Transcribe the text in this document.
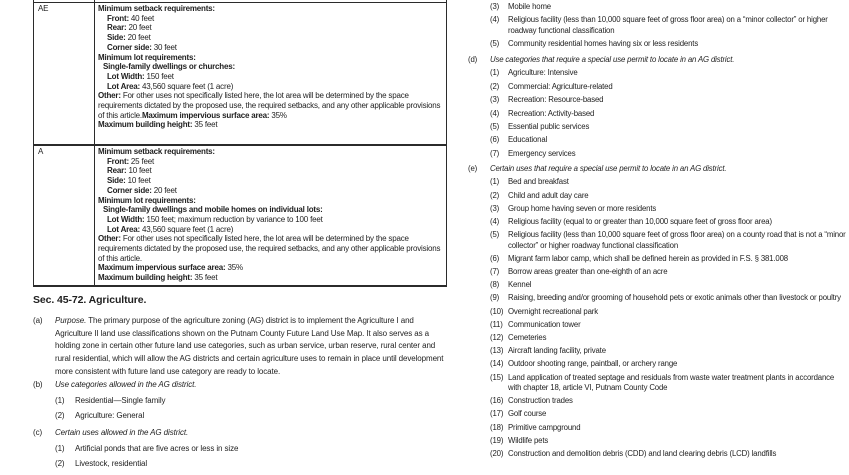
AE	Minimum setback requirements:
Front: 40 feet
Rear: 20 feet
Side: 20 feet
Corner side: 30 feet
Minimum lot requirements:
Single-family dwellings or churches:
Lot Width: 150 feet
Lot Area: 43,560 square feet (1 acre)
Other: For other uses not specifically listed here, the lot area will be determined by the space requirements dictated by the proposed use, the required setbacks, and any other applicable provisions of this article.Maximum impervious surface area: 35%
Maximum building height: 35 feet
A	Minimum setback requirements:
Front: 25 feet
Rear: 10 feet
Side: 10 feet
Corner side: 20 feet
Minimum lot requirements:
Single-family dwellings and mobile homes on individual lots:
Lot Width: 150 feet; maximum reduction by variance to 100 feet
Lot Area: 43,560 square feet (1 acre)
Other: For other uses not specifically listed here, the lot area will be determined by the space requirements dictated by the proposed use, the required setbacks, and any other applicable provisions of this article.
Maximum impervious surface area: 35%
Maximum building height: 35 feet
Sec. 45-72. Agriculture.
(a)	Purpose. The primary purpose of the agriculture zoning (AG) district is to implement the Agriculture I and Agriculture II land use classifications shown on the Putnam County Future Land Use Map. It also serves as a holding zone in certain other future land use categories, such as urban service, urban reserve, rural center and rural residential, which will allow the AG districts and certain agriculture uses to remain in place until development more consistent with future land use category are ready to locate.
(b)	Use categories allowed in the AG district.
(1)	Residential—Single family
(2)	Agriculture: General
(c)	Certain uses allowed in the AG district.
(1)	Artificial ponds that are five acres or less in size
(2)	Livestock, residential
(3)	Mobile home
(4)	Religious facility (less than 10,000 square feet of gross floor area) on a “minor collector” or higher roadway functional classification
(5)	Community residential homes having six or less residents
(d)	Use categories that require a special use permit to locate in an AG district.
(1)	Agriculture: Intensive
(2)	Commercial: Agriculture-related
(3)	Recreation: Resource-based
(4)	Recreation: Activity-based
(5)	Essential public services
(6)	Educational
(7)	Emergency services
(e)	Certain uses that require a special use permit to locate in an AG district.
(1)	Bed and breakfast
(2)	Child and adult day care
(3)	Group home having seven or more residents
(4)	Religious facility (equal to or greater than 10,000 square feet of gross floor area)
(5)	Religious facility (less than 10,000 square feet of gross floor area) on a county road that is not a “minor collector” or higher roadway functional classification
(6)	Migrant farm labor camp, which shall be defined herein as provided in F.S. § 381.008
(7)	Borrow areas greater than one-eighth of an acre
(8)	Kennel
(9)	Raising, breeding and/or grooming of household pets or exotic animals other than livestock or poultry
(10) Overnight recreational park
(11) Communication tower
(12) Cemeteries
(13) Aircraft landing facility, private
(14) Outdoor shooting range, paintball, or archery range
(15) Land application of treated septage and residuals from waste water treatment plants in accordance with chapter 18, article VI, Putnam County Code
(16) Construction trades
(17) Golf course
(18) Primitive campground
(19) Wildlife pets
(20) Construction and demolition debris (CDD) and land clearing debris (LCD) landfills
